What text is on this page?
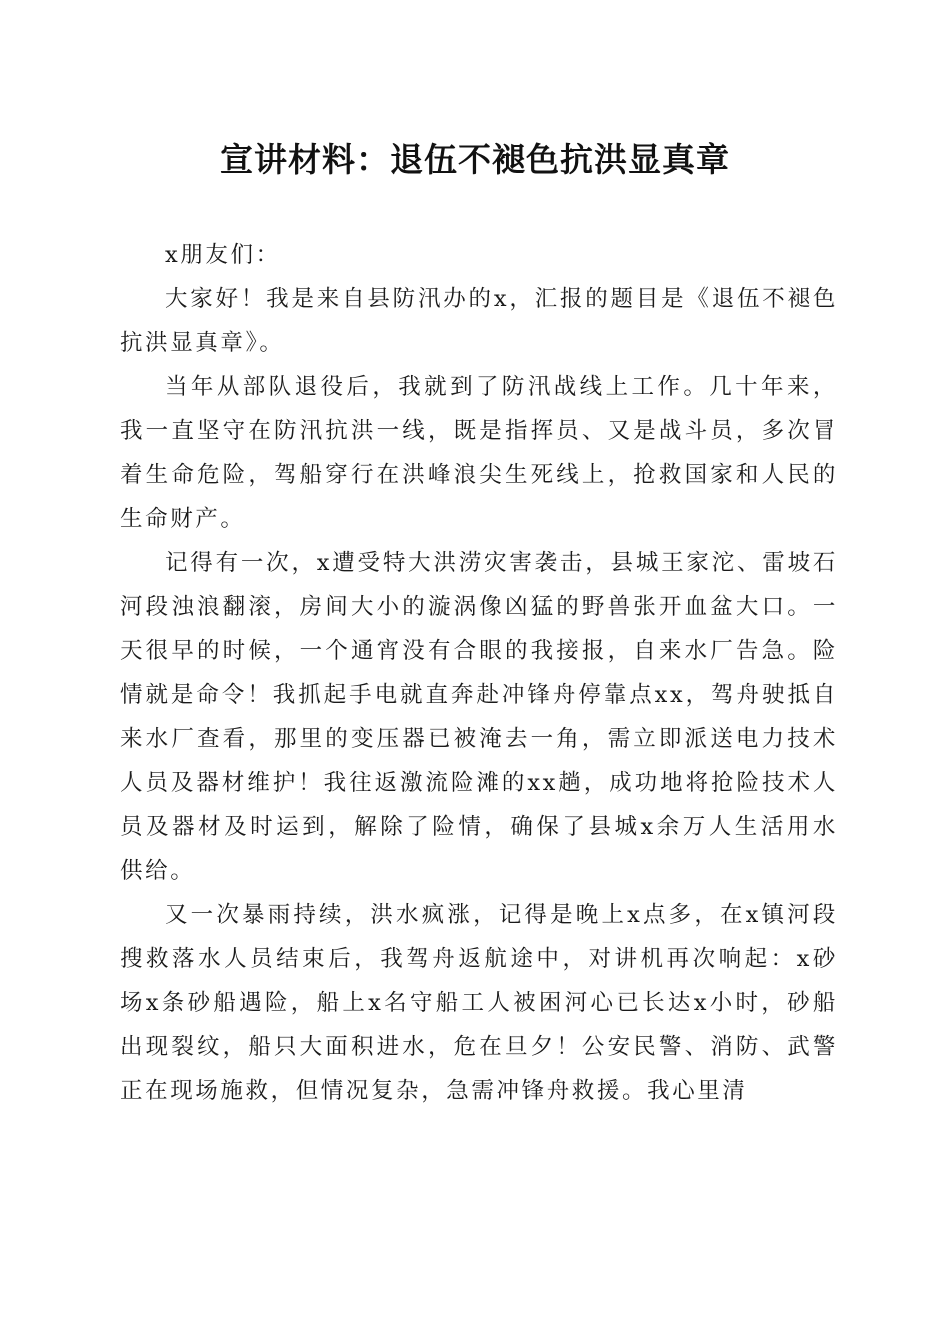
宣讲材料：退伍不褪色抗洪显真章

x朋友们：

大家好！我是来自县防汛办的x，汇报的题目是《退伍不褪色抗洪显真章》。

当年从部队退役后，我就到了防汛战线上工作。几十年来，我一直坚守在防汛抗洪一线，既是指挥员、又是战斗员，多次冒着生命危险，驾船穿行在洪峰浪尖生死线上，抢救国家和人民的生命财产。

记得有一次，x遭受特大洪涝灾害袭击，县城王家沱、雷坡石河段浊浪翻滚，房间大小的漩涡像凶猛的野兽张开血盆大口。一天很早的时候，一个通宵没有合眼的我接报，自来水厂告急。险情就是命令！我抓起手电就直奔赴冲锋舟停靠点xx，驾舟驶抵自来水厂查看，那里的变压器已被淹去一角，需立即派送电力技术人员及器材维护！我往返激流险滩的xx趟，成功地将抢险技术人员及器材及时运到，解除了险情，确保了县城x余万人生活用水供给。

又一次暴雨持续，洪水疯涨，记得是晚上x点多，在x镇河段搜救落水人员结束后，我驾舟返航途中，对讲机再次响起：x砂场x条砂船遇险，船上x名守船工人被困河心已长达x小时，砂船出现裂纹，船只大面积进水，危在旦夕！公安民警、消防、武警正在现场施救，但情况复杂，急需冲锋舟救援。我心里清
